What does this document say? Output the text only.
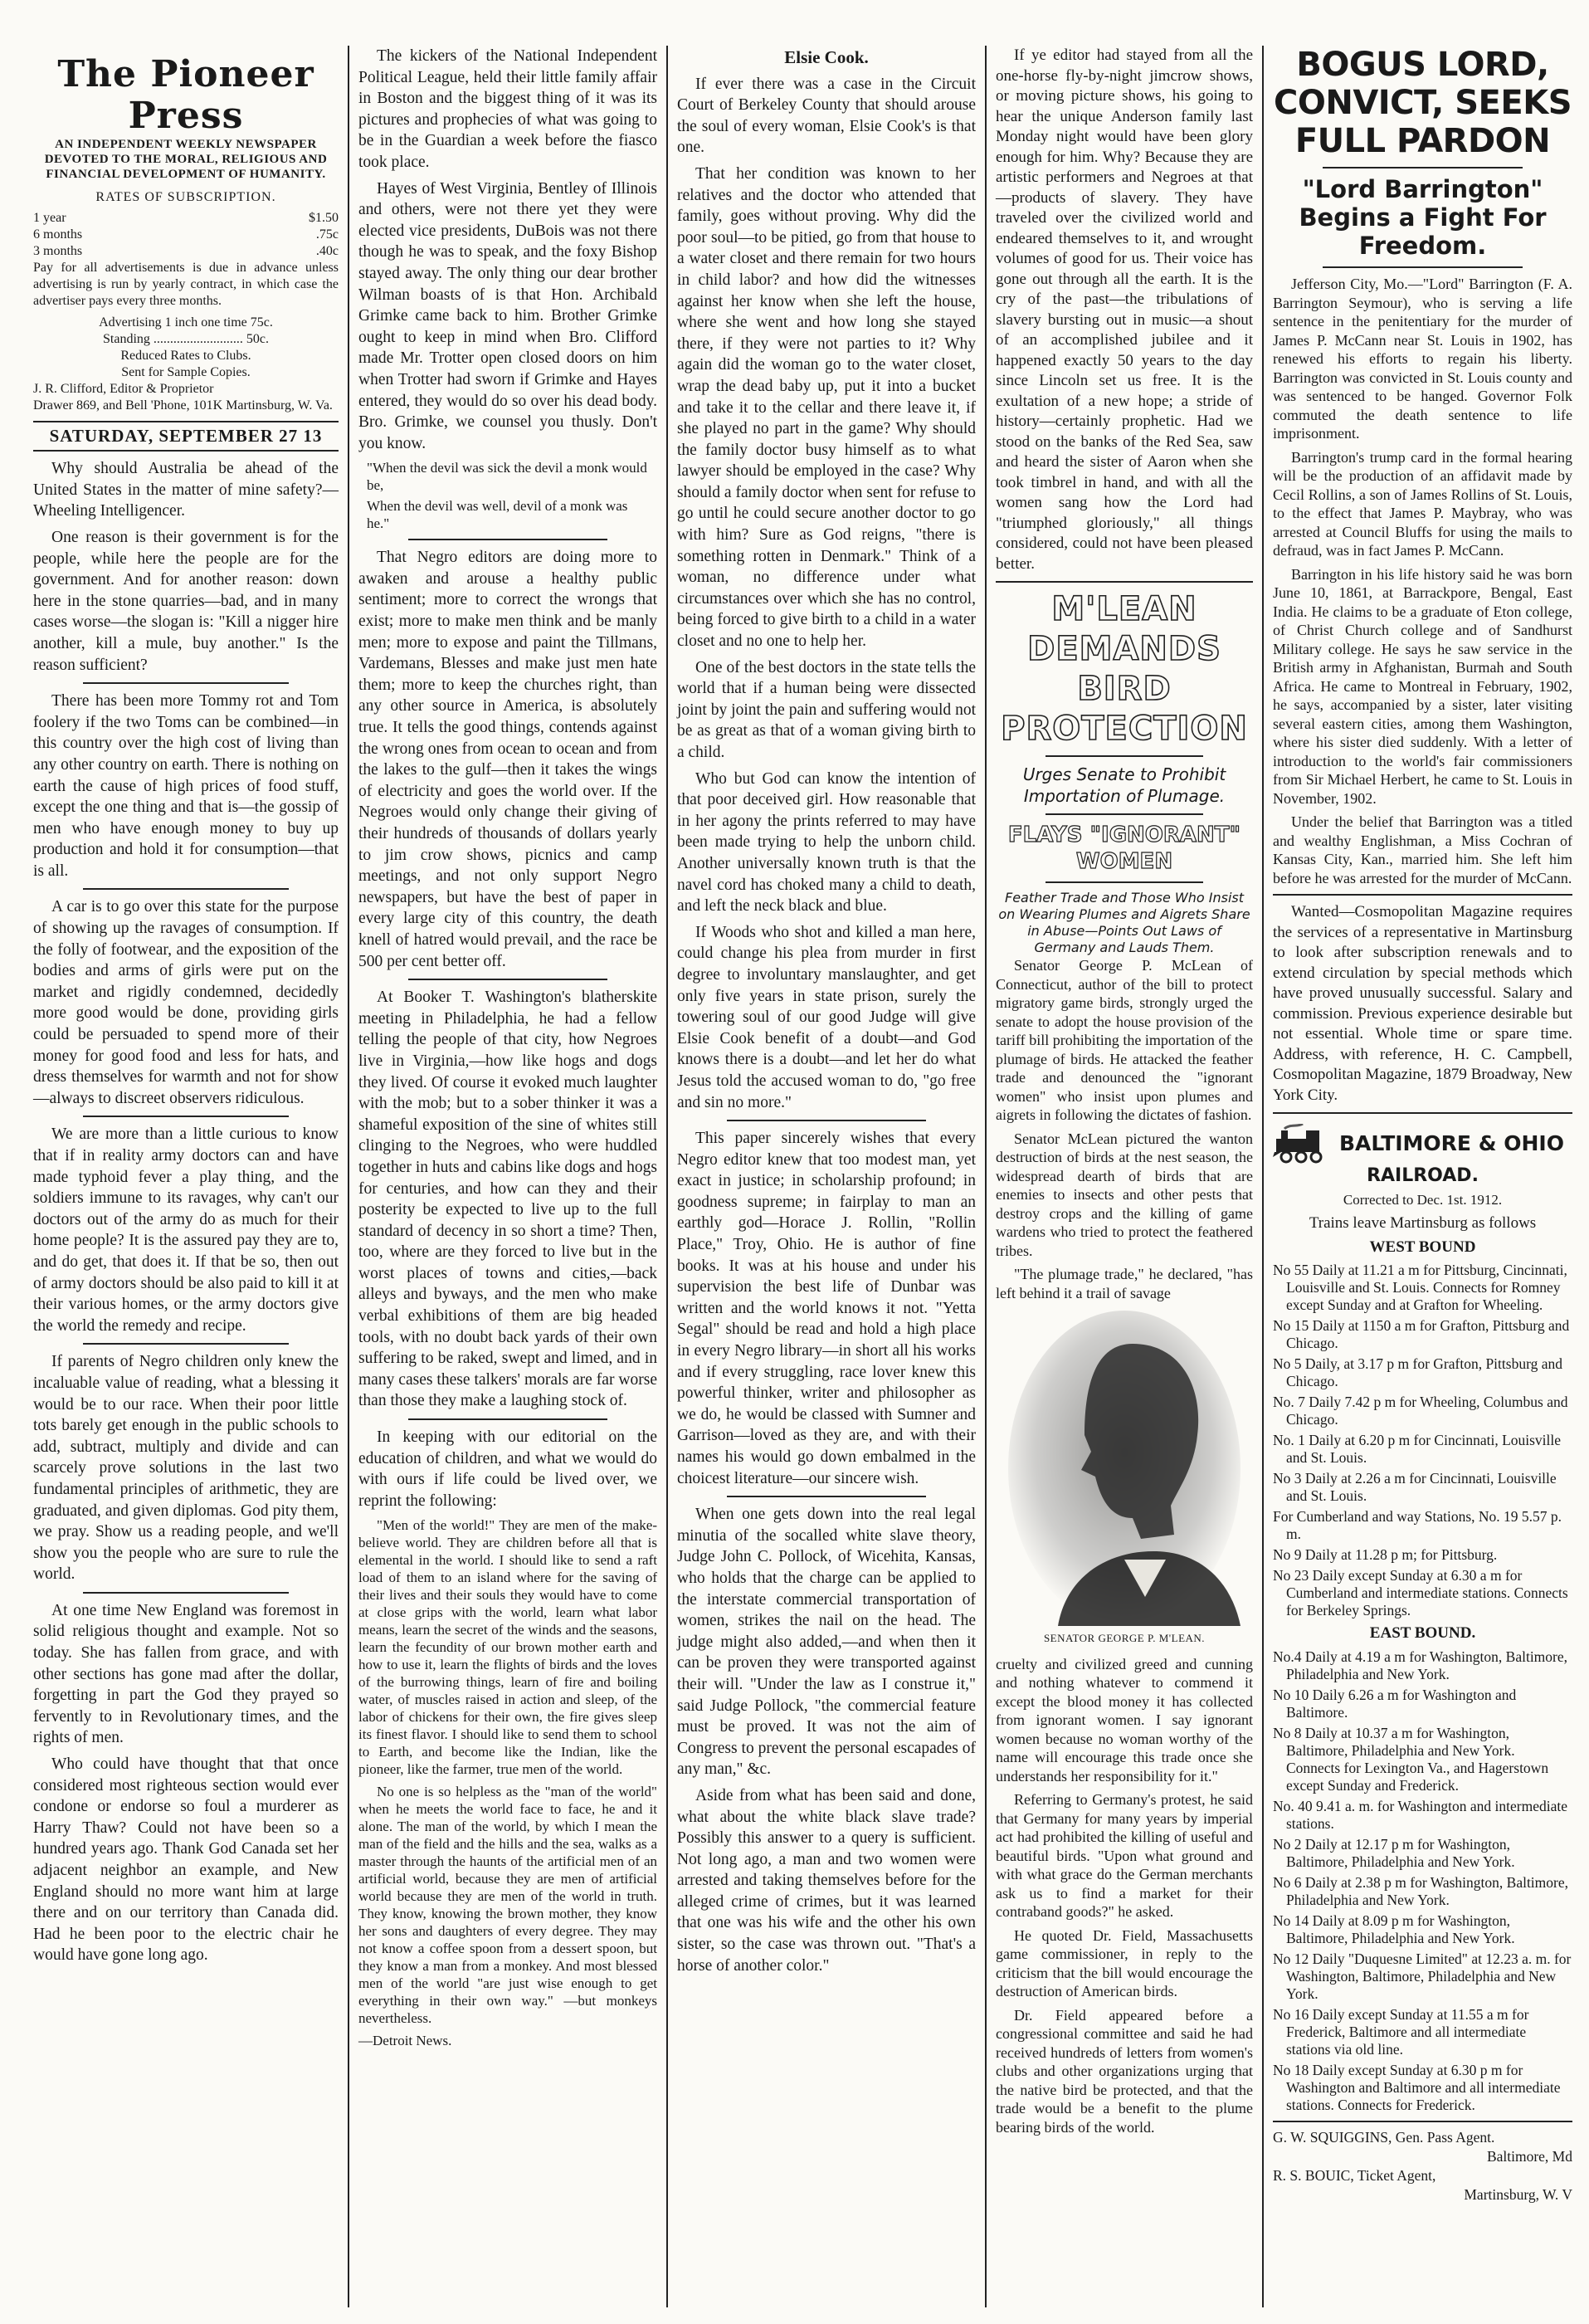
The Pioneer Press
AN INDEPENDENT WEEKLY NEWSPAPER DEVOTED TO THE MORAL, RELIGIOUS AND FINANCIAL DEVELOPMENT OF HUMANITY.
RATES OF SUBSCRIPTION.
1 year	$1.50
6 months	.75c
3 months	.40c

Pay for all advertisements is due in advance unless advertising is run by yearly contract, in which case the advertiser pays every three months.

Advertising 1 inch one time 75c.
Standing ........................... 50c.
Reduced Rates to Clubs.
Sent for Sample Copies.
J. R. Clifford, Editor & Proprietor
Drawer 869, and Bell 'Phone, 101K Martinsburg, W. Va.
SATURDAY, SEPTEMBER 27 13

Why should Australia be ahead of the United States in the matter of mine safety?—Wheeling Intelligencer.

One reason is their government is for the people, while here the people are for the government. And for another reason: down here in the stone quarries—bad, and in many cases worse—the slogan is: "Kill a nigger hire another, kill a mule, buy another." Is the reason sufficient?

There has been more Tommy rot and Tom foolery if the two Toms can be combined—in this country over the high cost of living than any other country on earth. There is nothing on earth the cause of high prices of food stuff, except the one thing and that is—the gossip of men who have enough money to buy up production and hold it for consumption—that is all.

A car is to go over this state for the purpose of showing up the ravages of consumption. If the folly of footwear, and the exposition of the bodies and arms of girls were put on the market and rigidly condemned, decidedly more good would be done, providing girls could be persuaded to spend more of their money for good food and less for hats, and dress themselves for warmth and not for show—always to discreet observers ridiculous.

We are more than a little curious to know that if in reality army doctors can and have made typhoid fever a play thing, and the soldiers immune to its ravages, why can't our doctors out of the army do as much for their home people? It is the assured pay they are to, and do get, that does it. If that be so, then out of army doctors should be also paid to kill it at their various homes, or the army doctors give the world the remedy and recipe.

If parents of Negro children only knew the incaluable value of reading, what a blessing it would be to our race. When their poor little tots barely get enough in the public schools to add, subtract, multiply and divide and can scarcely prove solutions in the last two fundamental principles of arithmetic, they are graduated, and given diplomas. God pity them, we pray. Show us a reading people, and we'll show you the people who are sure to rule the world.

At one time New England was foremost in solid religious thought and example. Not so today. She has fallen from grace, and with other sections has gone mad after the dollar, forgetting in part the God they prayed so fervently to in Revolutionary times, and the rights of men.

Who could have thought that that once considered most righteous section would ever condone or endorse so foul a murderer as Harry Thaw? Could not have been so a hundred years ago. Thank God Canada set her adjacent neighbor an example, and New England should no more want him at large there and on our territory than Canada did. Had he been poor to the electric chair he would have gone long ago.

The kickers of the National Independent Political League, held their little family affair in Boston and the biggest thing of it was its pictures and prophecies of what was going to be in the Guardian a week before the fiasco took place.

Hayes of West Virginia, Bentley of Illinois and others, were not there yet they were elected vice presidents, DuBois was not there though he was to speak, and the foxy Bishop stayed away. The only thing our dear brother Wilman boasts of is that Hon. Archibald Grimke came back to him. Brother Grimke ought to keep in mind when Bro. Clifford made Mr. Trotter open closed doors on him when Trotter had sworn if Grimke and Hayes entered, they would do so over his dead body. Bro. Grimke, we counsel you thusly. Don't you know.

"When the devil was sick the devil a monk would be,
When the devil was well, devil of a monk was he."

That Negro editors are doing more to awaken and arouse a healthy public sentiment; more to correct the wrongs that exist; more to make men think and be manly men; more to expose and paint the Tillmans, Vardemans, Blesses and make just men hate them; more to keep the churches right, than any other source in America, is absolutely true. It tells the good things, contends against the wrong ones from ocean to ocean and from the lakes to the gulf—then it takes the wings of electricity and goes the world over. If the Negroes would only change their giving of their hundreds of thousands of dollars yearly to jim crow shows, picnics and camp meetings, and not only support Negro newspapers, but have the best of paper in every large city of this country, the death knell of hatred would prevail, and the race be 500 per cent better off.

At Booker T. Washington's blatherskite meeting in Philadelphia, he had a fellow telling the people of that city, how Negroes live in Virginia,—how like hogs and dogs they lived. Of course it evoked much laughter with the mob; but to a sober thinker it was a shameful exposition of the sine of whites still clinging to the Negroes, who were huddled together in huts and cabins like dogs and hogs for centuries, and how can they and their posterity be expected to live up to the full standard of decency in so short a time? Then, too, where are they forced to live but in the worst places of towns and cities,—back alleys and byways, and the men who make verbal exhibitions of them are big headed tools, with no doubt back yards of their own suffering to be raked, swept and limed, and in many cases these talkers' morals are far worse than those they make a laughing stock of.

In keeping with our editorial on the education of children, and what we would do with ours if life could be lived over, we reprint the following:

"Men of the world!" They are men of the make-believe world. They are children before all that is elemental in the world. I should like to send a raft load of them to an island where for the saving of their lives and their souls they would have to come at close grips with the world, learn what labor means, learn the secret of the winds and the seasons, learn the fecundity of our brown mother earth and how to use it, learn the flights of birds and the loves of the burrowing things, learn of fire and boiling water, of muscles raised in action and sleep, of the labor of chickens for their own, the fire gives sleep its finest flavor. I should like to send them to school to Earth, and become like the Indian, like the pioneer, like the farmer, true men of the world.

No one is so helpless as the "man of the world" when he meets the world face to face, he and it alone. The man of the world, by which I mean the man of the field and the hills and the sea, walks as a master through the haunts of the artificial men of an artificial world, because they are men of artificial world because they are men of the world in truth. They know, knowing the brown mother, they know her sons and daughters of every degree. They may not know a coffee spoon from a dessert spoon, but they know a man from a monkey. And most blessed men of the world "are just wise enough to get everything in their own way." —but monkeys nevertheless.

—Detroit News.
Elsie Cook.

If ever there was a case in the Circuit Court of Berkeley County that should arouse the soul of every woman, Elsie Cook's is that one.

That her condition was known to her relatives and the doctor who attended that family, goes without proving. Why did the poor soul—to be pitied, go from that house to a water closet and there remain for two hours in child labor? and how did the witnesses against her know when she left the house, where she went and how long she stayed there, if they were not parties to it? Why again did the woman go to the water closet, wrap the dead baby up, put it into a bucket and take it to the cellar and there leave it, if she played no part in the game? Why should the family doctor busy himself as to what lawyer should be employed in the case? Why should a family doctor when sent for refuse to go until he could secure another doctor to go with him? Sure as God reigns, "there is something rotten in Denmark." Think of a woman, no difference under what circumstances over which she has no control, being forced to give birth to a child in a water closet and no one to help her.

One of the best doctors in the state tells the world that if a human being were dissected joint by joint the pain and suffering would not be as great as that of a woman giving birth to a child.

Who but God can know the intention of that poor deceived girl. How reasonable that in her agony the prints referred to may have been made trying to help the unborn child. Another universally known truth is that the navel cord has choked many a child to death, and left the neck black and blue.

If Woods who shot and killed a man here, could change his plea from murder in first degree to involuntary manslaughter, and get only five years in state prison, surely the towering soul of our good Judge will give Elsie Cook benefit of a doubt—and God knows there is a doubt—and let her do what Jesus told the accused woman to do, "go free and sin no more."

This paper sincerely wishes that every Negro editor knew that too modest man, yet exact in justice; in scholarship profound; in goodness supreme; in fairplay to man an earthly god—Horace J. Rollin, "Rollin Place," Troy, Ohio. He is author of fine books. It was at his house and under his supervision the best life of Dunbar was written and the world knows it not. "Yetta Segal" should be read and hold a high place in every Negro library—in short all his works and if every struggling, race lover knew this powerful thinker, writer and philosopher as we do, he would be classed with Sumner and Garrison—loved as they are, and with their names his would go down embalmed in the choicest literature—our sincere wish.

When one gets down into the real legal minutia of the socalled white slave theory, Judge John C. Pollock, of Wicehita, Kansas, who holds that the charge can be applied to the interstate commercial transportation of women, strikes the nail on the head. The judge might also added,—and when then it can be proven they were transported against their will. "Under the law as I construe it," said Judge Pollock, "the commercial feature must be proved. It was not the aim of Congress to prevent the personal escapades of any man," &c.

Aside from what has been said and done, what about the white black slave trade? Possibly this answer to a query is sufficient. Not long ago, a man and two women were arrested and taking themselves before for the alleged crime of crimes, but it was learned that one was his wife and the other his own sister, so the case was thrown out. "That's a horse of another color."

If ye editor had stayed from all the one-horse fly-by-night jimcrow shows, or moving picture shows, his going to hear the unique Anderson family last Monday night would have been glory enough for him. Why? Because they are artistic performers and Negroes at that—products of slavery. They have traveled over the civilized world and endeared themselves to it, and wrought volumes of good for us. Their voice has gone out through all the earth. It is the cry of the past—the tribulations of slavery bursting out in music—a shout of an accomplished jubilee and it happened exactly 50 years to the day since Lincoln set us free. It is the exultation of a new hope; a stride of history—certainly prophetic. Had we stood on the banks of the Red Sea, saw and heard the sister of Aaron when she took timbrel in hand, and with all the women sang how the Lord had "triumphed gloriously," all things considered, could not have been pleased better.

M'LEAN DEMANDS BIRD PROTECTION
Urges Senate to Prohibit Importation of Plumage.
FLAYS "IGNORANT" WOMEN
Feather Trade and Those Who Insist on Wearing Plumes and Aigrets Share in Abuse—Points Out Laws of Germany and Lauds Them.

Senator George P. McLean of Connecticut, author of the bill to protect migratory game birds, strongly urged the senate to adopt the house provision of the tariff bill prohibiting the importation of the plumage of birds. He attacked the feather trade and denounced the "ignorant women" who insist upon plumes and aigrets in following the dictates of fashion.

Senator McLean pictured the wanton destruction of birds at the nest season, the widespread dearth of birds that are enemies to insects and other pests that destroy crops and the killing of game wardens who tried to protect the feathered tribes.

"The plumage trade," he declared, "has left behind it a trail of savage

SENATOR GEORGE P. M'LEAN.

cruelty and civilized greed and cunning and nothing whatever to commend it except the blood money it has collected from ignorant women. I say ignorant women because no woman worthy of the name will encourage this trade once she understands her responsibility for it."

Referring to Germany's protest, he said that Germany for many years by imperial act had prohibited the killing of useful and beautiful birds. "Upon what ground and with what grace do the German merchants ask us to find a market for their contraband goods?" he asked.

He quoted Dr. Field, Massachusetts game commissioner, in reply to the criticism that the bill would encourage the destruction of American birds.

Dr. Field appeared before a congressional committee and said he had received hundreds of letters from women's clubs and other organizations urging that the native bird be protected, and that the trade would be a benefit to the plume bearing birds of the world.

BOGUS LORD, CONVICT, SEEKS FULL PARDON
"Lord Barrington" Begins a Fight For Freedom.

Jefferson City, Mo.—"Lord" Barrington (F. A. Barrington Seymour), who is serving a life sentence in the penitentiary for the murder of James P. McCann near St. Louis in 1902, has renewed his efforts to regain his liberty. Barrington was convicted in St. Louis county and was sentenced to be hanged. Governor Folk commuted the death sentence to life imprisonment.

Barrington's trump card in the formal hearing will be the production of an affidavit made by Cecil Rollins, a son of James Rollins of St. Louis, to the effect that James P. Maybray, who was arrested at Council Bluffs for using the mails to defraud, was in fact James P. McCann.

Barrington in his life history said he was born June 10, 1861, at Barrackpore, Bengal, East India. He claims to be a graduate of Eton college, of Christ Church college and of Sandhurst Military college. He says he saw service in the British army in Afghanistan, Burmah and South Africa. He came to Montreal in February, 1902, he says, accompanied by a sister, later visiting several eastern cities, among them Washington, where his sister died suddenly. With a letter of introduction to the world's fair commissioners from Sir Michael Herbert, he came to St. Louis in November, 1902.

Under the belief that Barrington was a titled and wealthy Englishman, a Miss Cochran of Kansas City, Kan., married him. She left him before he was arrested for the murder of McCann.

Wanted—Cosmopolitan Magazine requires the services of a representative in Martinsburg to look after subscription renewals and to extend circulation by special methods which have proved unusually successful. Salary and commission. Previous experience desirable but not essential. Whole time or spare time. Address, with reference, H. C. Campbell, Cosmopolitan Magazine, 1879 Broadway, New York City.

BALTIMORE & OHIO
RAILROAD.
Corrected to Dec. 1st. 1912.
Trains leave Martinsburg as follows
WEST BOUND

No 55 Daily at 11.21 a m for Pittsburg, Cincinnati, Louisville and St. Louis. Connects for Romney except Sunday and at Grafton for Wheeling.

No 15 Daily at 1150 a m for Grafton, Pittsburg and Chicago.

No 5 Daily, at 3.17 p m for Grafton, Pittsburg and Chicago.

No. 7 Daily 7.42 p m for Wheeling, Columbus and Chicago.

No. 1 Daily at 6.20 p m for Cincinnati, Louisville and St. Louis.

No 3 Daily at 2.26 a m for Cincinnati, Louisville and St. Louis.

For Cumberland and way Stations, No. 19 5.57 p. m.

No 9 Daily at 11.28 p m; for Pittsburg.

No 23 Daily except Sunday at 6.30 a m for Cumberland and intermediate stations. Connects for Berkeley Springs.

EAST BOUND.

No.4 Daily at 4.19 a m for Washington, Baltimore, Philadelphia and New York.

No 10 Daily 6.26 a m for Washington and Baltimore.

No 8 Daily at 10.37 a m for Washington, Baltimore, Philadelphia and New York. Connects for Lexington Va., and Hagerstown except Sunday and Frederick.

No. 40 9.41 a. m. for Washington and intermediate stations.

No 2 Daily at 12.17 p m for Washington, Baltimore, Philadelphia and New York.

No 6 Daily at 2.38 p m for Washington, Baltimore, Philadelphia and New York.

No 14 Daily at 8.09 p m for Washington, Baltimore, Philadelphia and New York.

No 12 Daily "Duquesne Limited" at 12.23 a. m. for Washington, Baltimore, Philadelphia and New York.

No 16 Daily except Sunday at 11.55 a m for Frederick, Baltimore and all intermediate stations via old line.

No 18 Daily except Sunday at 6.30 p m for Washington and Baltimore and all intermediate stations. Connects for Frederick.

G. W. SQUIGGINS, Gen. Pass Agent.
Baltimore, Md
R. S. BOUIC, Ticket Agent,
Martinsburg, W. V
